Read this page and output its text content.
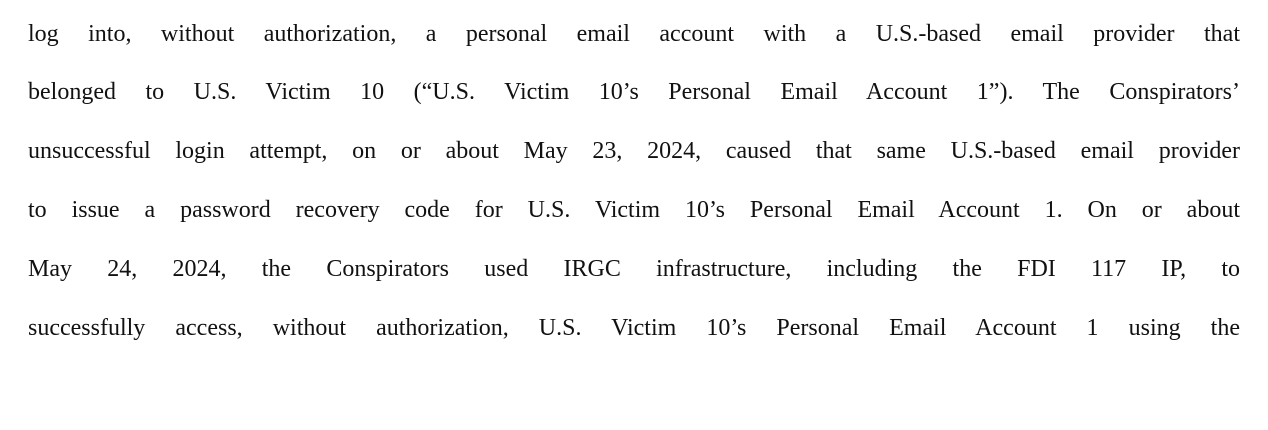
log into, without authorization, a personal email account with a U.S.-based email provider that
belonged to U.S. Victim 10 (“U.S. Victim 10’s Personal Email Account 1”). The Conspirators’
unsuccessful login attempt, on or about May 23, 2024, caused that same U.S.-based email provider
to issue a password recovery code for U.S. Victim 10’s Personal Email Account 1. On or about
May 24, 2024, the Conspirators used IRGC infrastructure, including the FDI 117 IP, to
successfully access, without authorization, U.S. Victim 10’s Personal Email Account 1 using the
